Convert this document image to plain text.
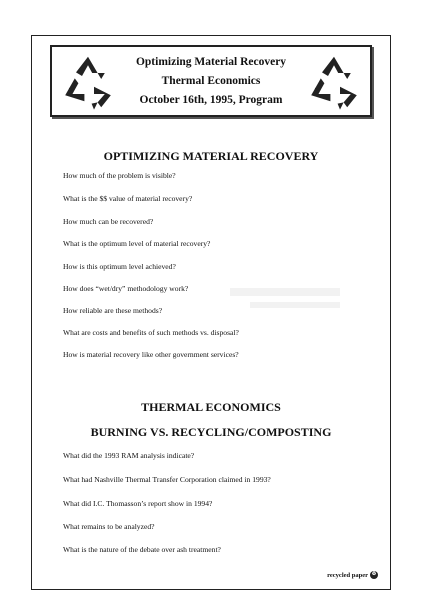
Optimizing Material Recovery
Thermal Economics
October 16th, 1995, Program
OPTIMIZING MATERIAL RECOVERY
How much of the problem is visible?
What is the $$ value of material recovery?
How much can be recovered?
What is the optimum level of material recovery?
How is this optimum level achieved?
How does “wet/dry” methodology work?
How reliable are these methods?
What are costs and benefits of such methods vs. disposal?
How is material recovery like other government services?
THERMAL ECONOMICS
BURNING VS. RECYCLING/COMPOSTING
What did the 1993 RAM analysis indicate?
What had Nashville Thermal Transfer Corporation claimed in 1993?
What did I.C. Thomasson’s report show in 1994?
What remains to be analyzed?
What is the nature of the debate over ash treatment?
recycled paper ♻
